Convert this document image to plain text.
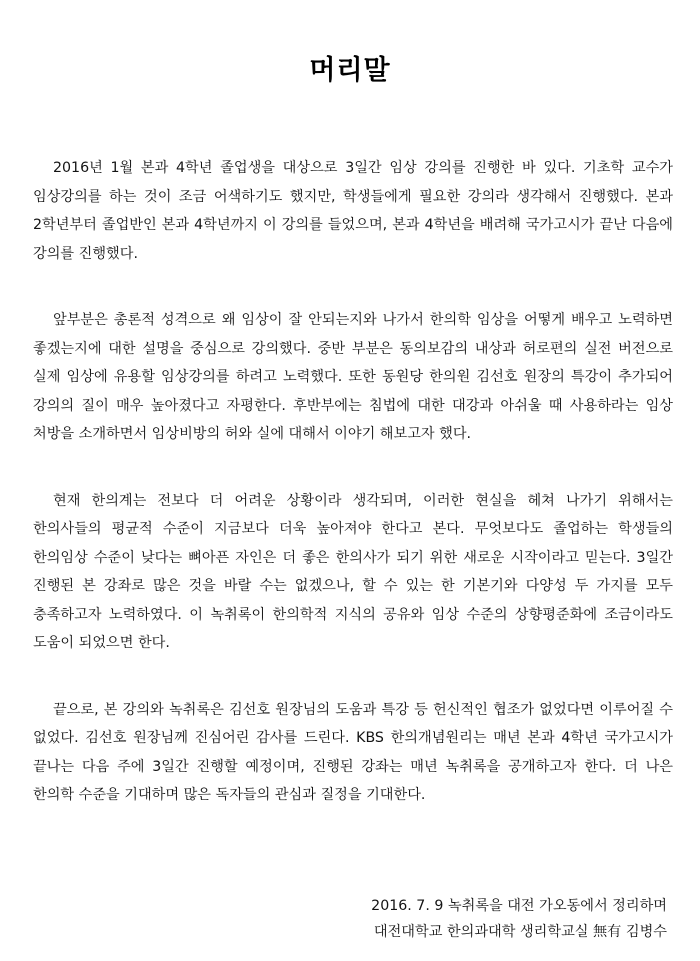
머리말

2016년 1월 본과 4학년 졸업생을 대상으로 3일간 임상 강의를 진행한 바 있다. 기초학 교수가 임상강의를 하는 것이 조금 어색하기도 했지만, 학생들에게 필요한 강의라 생각해서 진행했다. 본과 2학년부터 졸업반인 본과 4학년까지 이 강의를 들었으며, 본과 4학년을 배려해 국가고시가 끝난 다음에 강의를 진행했다.

앞부분은 총론적 성격으로 왜 임상이 잘 안되는지와 나가서 한의학 임상을 어떻게 배우고 노력하면 좋겠는지에 대한 설명을 중심으로 강의했다. 중반 부분은 동의보감의 내상과 허로편의 실전 버전으로 실제 임상에 유용할 임상강의를 하려고 노력했다. 또한 동원당 한의원 김선호 원장의 특강이 추가되어 강의의 질이 매우 높아졌다고 자평한다. 후반부에는 침법에 대한 대강과 아쉬울 때 사용하라는 임상 처방을 소개하면서 임상비방의 허와 실에 대해서 이야기 해보고자 했다.

현재 한의계는 전보다 더 어려운 상황이라 생각되며, 이러한 현실을 헤쳐 나가기 위해서는 한의사들의 평균적 수준이 지금보다 더욱 높아져야 한다고 본다. 무엇보다도 졸업하는 학생들의 한의임상 수준이 낮다는 뼈아픈 자인은 더 좋은 한의사가 되기 위한 새로운 시작이라고 믿는다. 3일간 진행된 본 강좌로 많은 것을 바랄 수는 없겠으나, 할 수 있는 한 기본기와 다양성 두 가지를 모두 충족하고자 노력하였다. 이 녹취록이 한의학적 지식의 공유와 임상 수준의 상향평준화에 조금이라도 도움이 되었으면 한다.

끝으로, 본 강의와 녹취록은 김선호 원장님의 도움과 특강 등 헌신적인 협조가 없었다면 이루어질 수 없었다. 김선호 원장님께 진심어린 감사를 드린다. KBS 한의개념원리는 매년 본과 4학년 국가고시가 끝나는 다음 주에 3일간 진행할 예정이며, 진행된 강좌는 매년 녹취록을 공개하고자 한다. 더 나은 한의학 수준을 기대하며 많은 독자들의 관심과 질정을 기대한다.

2016. 7. 9 녹취록을 대전 가오동에서 정리하며
대전대학교 한의과대학 생리학교실 無有 김병수
